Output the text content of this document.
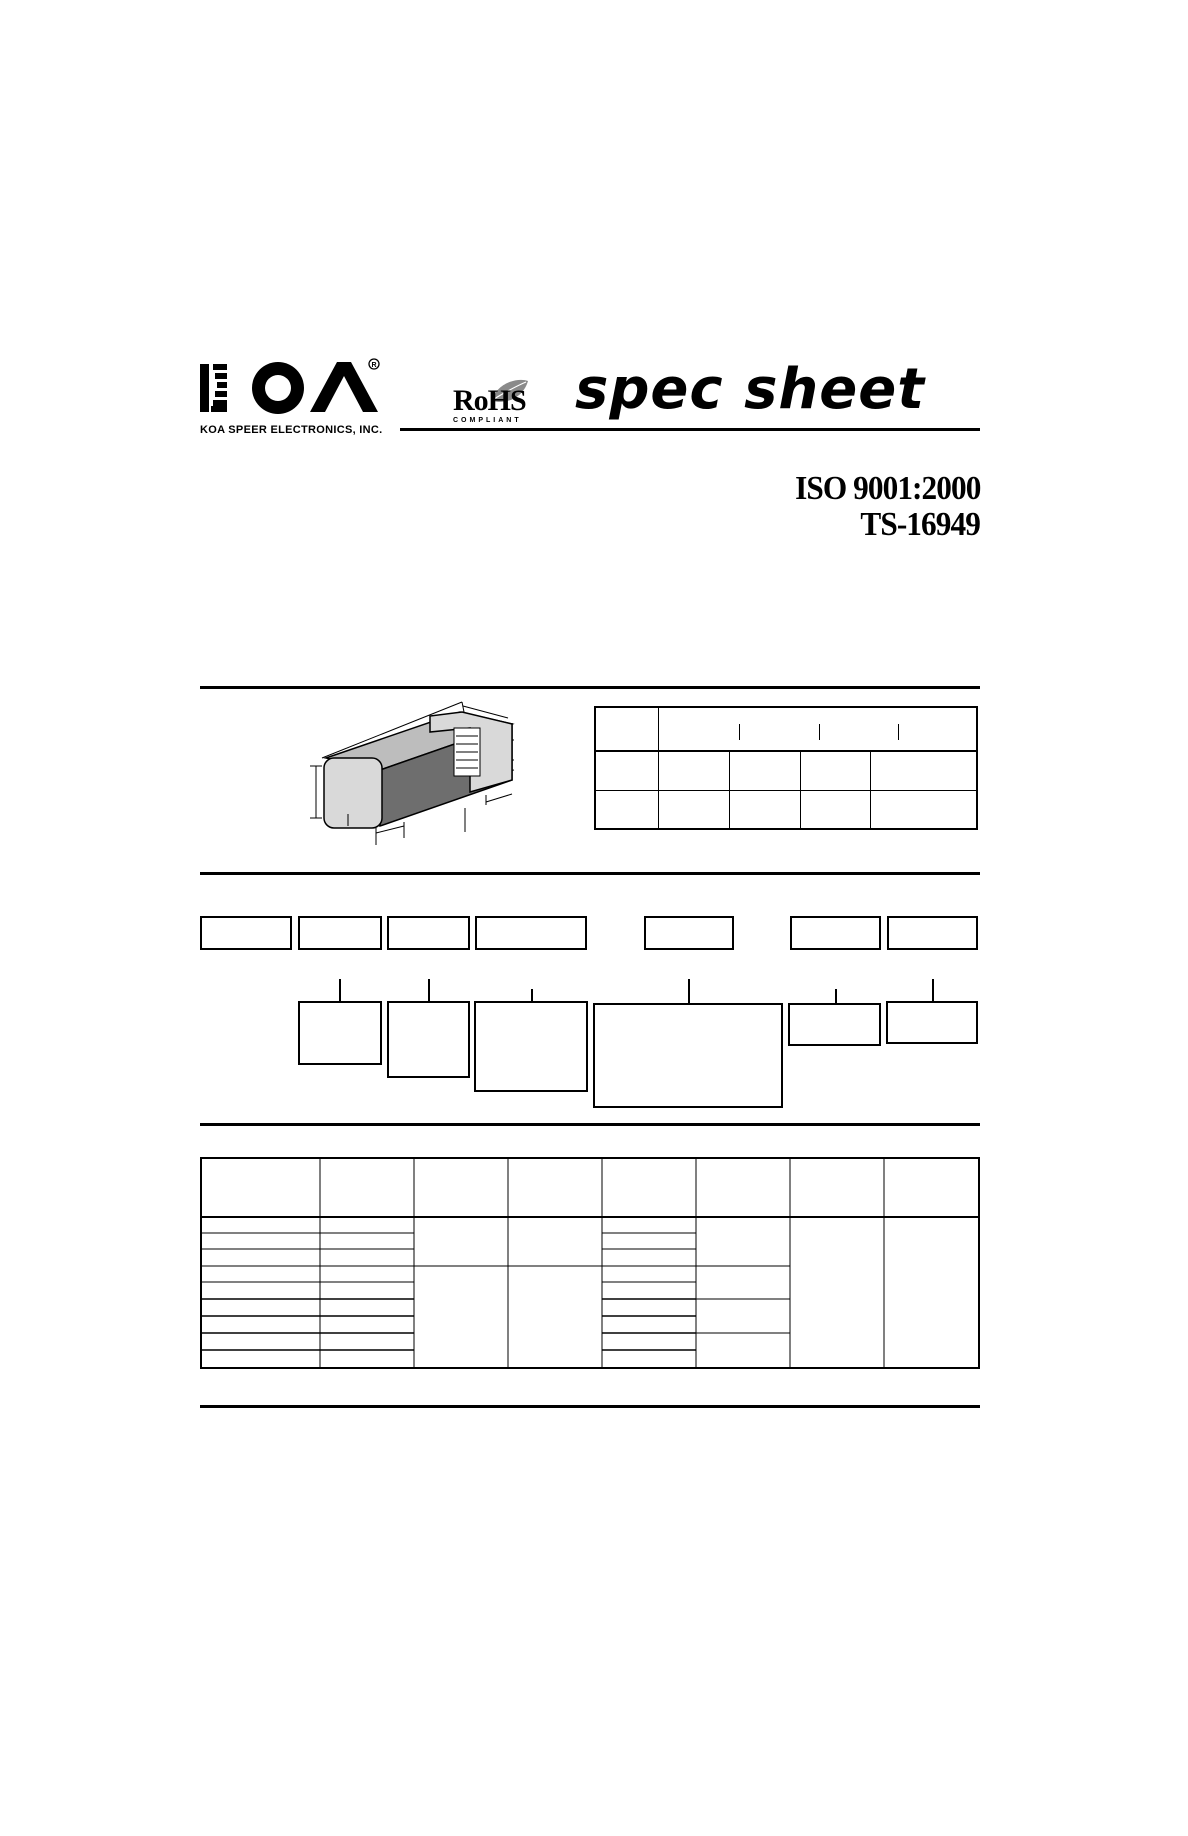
R
KOA SPEER ELECTRONICS, INC.
RoHS
COMPLIANT spec sheet
ISO 9001:2000
TS-16949
